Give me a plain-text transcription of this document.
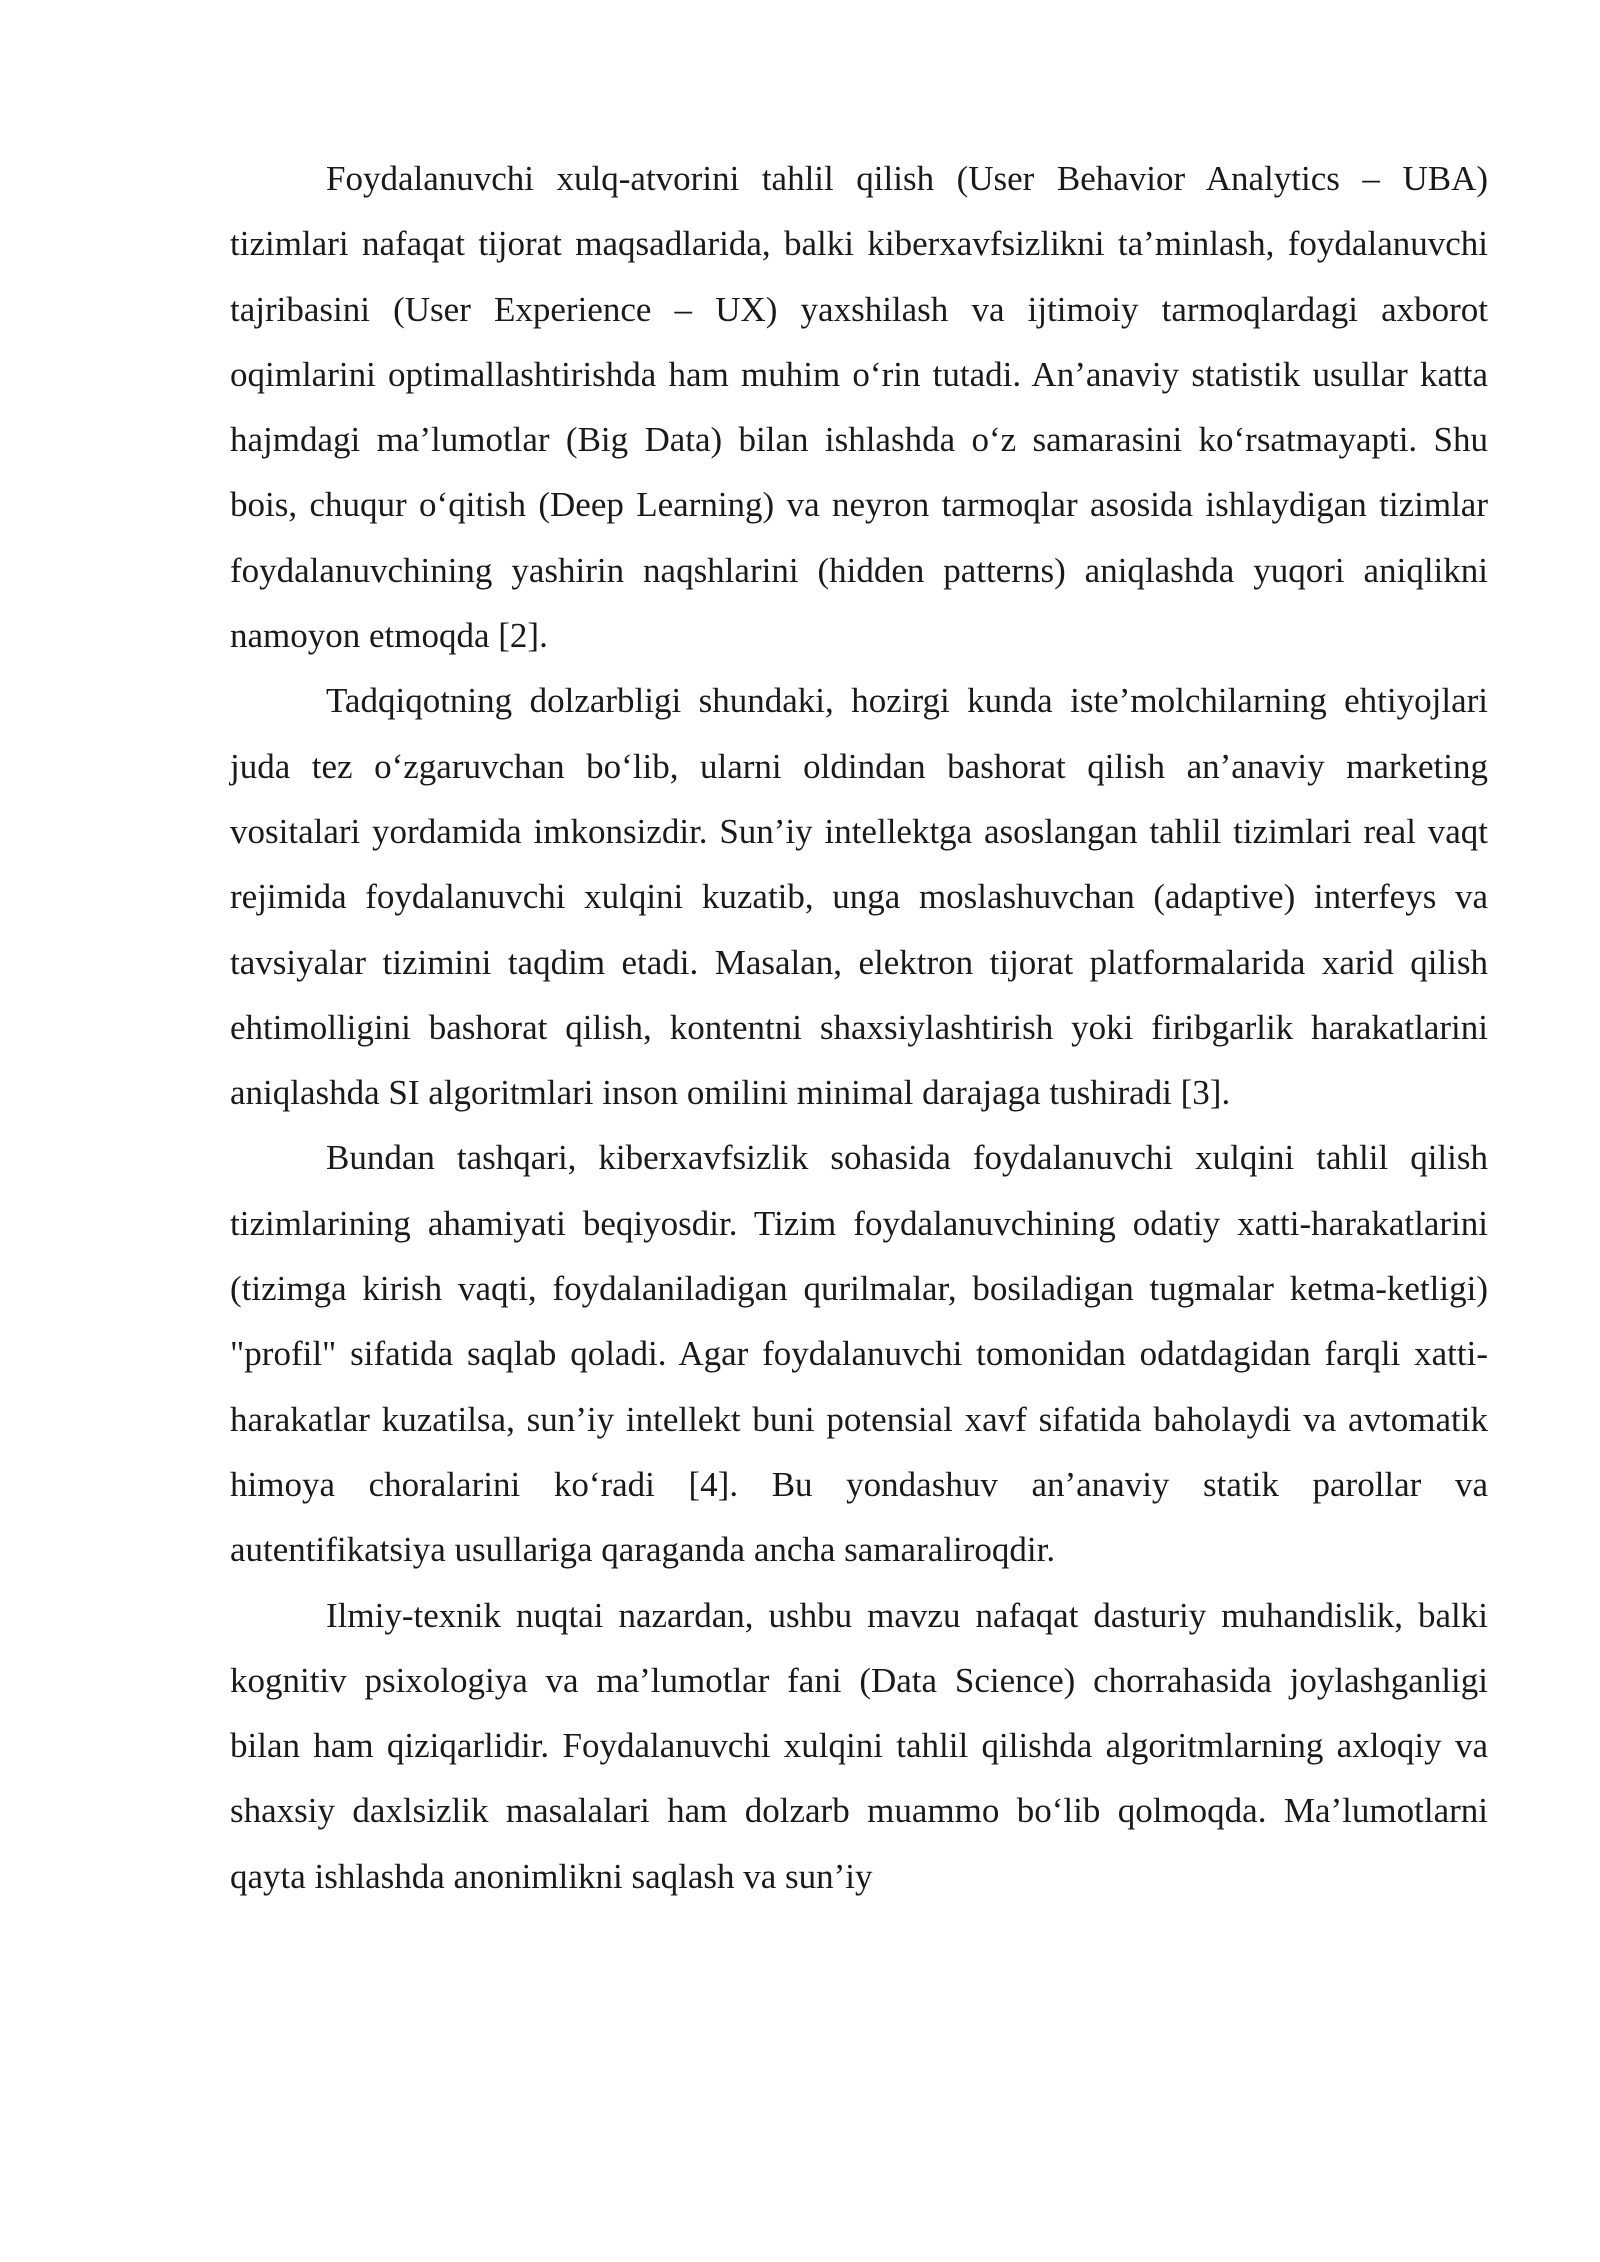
Foydalanuvchi xulq-atvorini tahlil qilish (User Behavior Analytics – UBA) tizimlari nafaqat tijorat maqsadlarida, balki kiberxavfsizlikni ta’minlash, foydalanuvchi tajribasini (User Experience – UX) yaxshilash va ijtimoiy tarmoqlardagi axborot oqimlarini optimallashtirishda ham muhim oʻrin tutadi. An’anaviy statistik usullar katta hajmdagi ma’lumotlar (Big Data) bilan ishlashda oʻz samarasini koʻrsatmayapti. Shu bois, chuqur oʻqitish (Deep Learning) va neyron tarmoqlar asosida ishlaydigan tizimlar foydalanuvchining yashirin naqshlarini (hidden patterns) aniqlashda yuqori aniqlikni namoyon etmoqda [2].

Tadqiqotning dolzarbligi shundaki, hozirgi kunda iste’molchilarning ehtiyojlari juda tez oʻzgaruvchan boʻlib, ularni oldindan bashorat qilish an’anaviy marketing vositalari yordamida imkonsizdir. Sun’iy intellektga asoslangan tahlil tizimlari real vaqt rejimida foydalanuvchi xulqini kuzatib, unga moslashuvchan (adaptive) interfeys va tavsiyalar tizimini taqdim etadi. Masalan, elektron tijorat platformalarida xarid qilish ehtimolligini bashorat qilish, kontentni shaxsiylashtirish yoki firibgarlik harakatlarini aniqlashda SI algoritmlari inson omilini minimal darajaga tushiradi [3].

Bundan tashqari, kiberxavfsizlik sohasida foydalanuvchi xulqini tahlil qilish tizimlarining ahamiyati beqiyosdir. Tizim foydalanuvchining odatiy xatti-harakatlarini (tizimga kirish vaqti, foydalaniladigan qurilmalar, bosiladigan tugmalar ketma-ketligi) "profil" sifatida saqlab qoladi. Agar foydalanuvchi tomonidan odatdagidan farqli xatti-harakatlar kuzatilsa, sun’iy intellekt buni potensial xavf sifatida baholaydi va avtomatik himoya choralarini koʻradi [4]. Bu yondashuv an’anaviy statik parollar va autentifikatsiya usullariga qaraganda ancha samaraliroqdir.

Ilmiy-texnik nuqtai nazardan, ushbu mavzu nafaqat dasturiy muhandislik, balki kognitiv psixologiya va ma’lumotlar fani (Data Science) chorrahasida joylashganligi bilan ham qiziqarlidir. Foydalanuvchi xulqini tahlil qilishda algoritmlarning axloqiy va shaxsiy daxlsizlik masalalari ham dolzarb muammo boʻlib qolmoqda. Ma’lumotlarni qayta ishlashda anonimlikni saqlash va sun’iy
